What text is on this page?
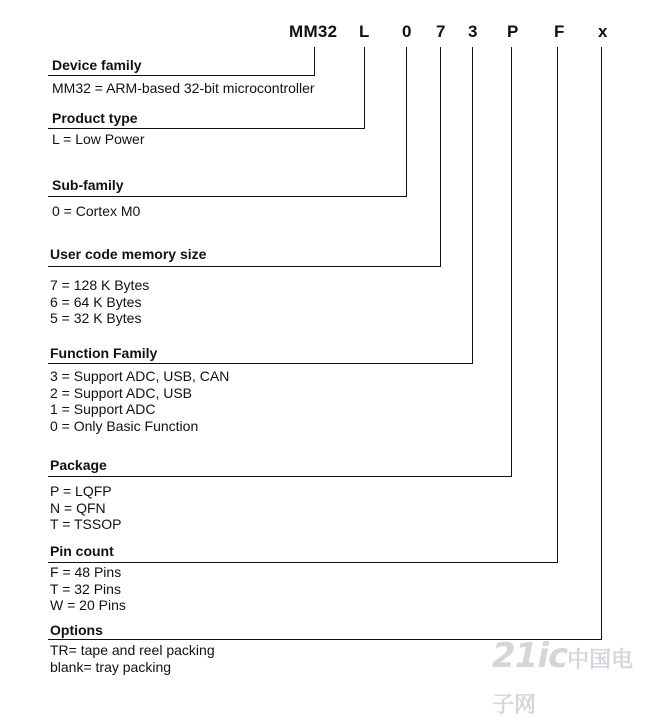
MM32 L 0 7 3 P F x
Device family
MM32 = ARM-based 32-bit microcontroller
Product type
L = Low Power
Sub-family
0 = Cortex M0
User code memory size
7 = 128 K Bytes
6 = 64 K Bytes
5 = 32 K Bytes
Function Family
3 = Support ADC, USB, CAN
2 = Support ADC, USB
1 = Support ADC
0 = Only Basic Function
Package
P = LQFP
N = QFN
T = TSSOP
Pin count
F = 48 Pins
T = 32 Pins
W = 20 Pins
Options
TR= tape and reel packing
blank= tray packing	21ic中国电子网
